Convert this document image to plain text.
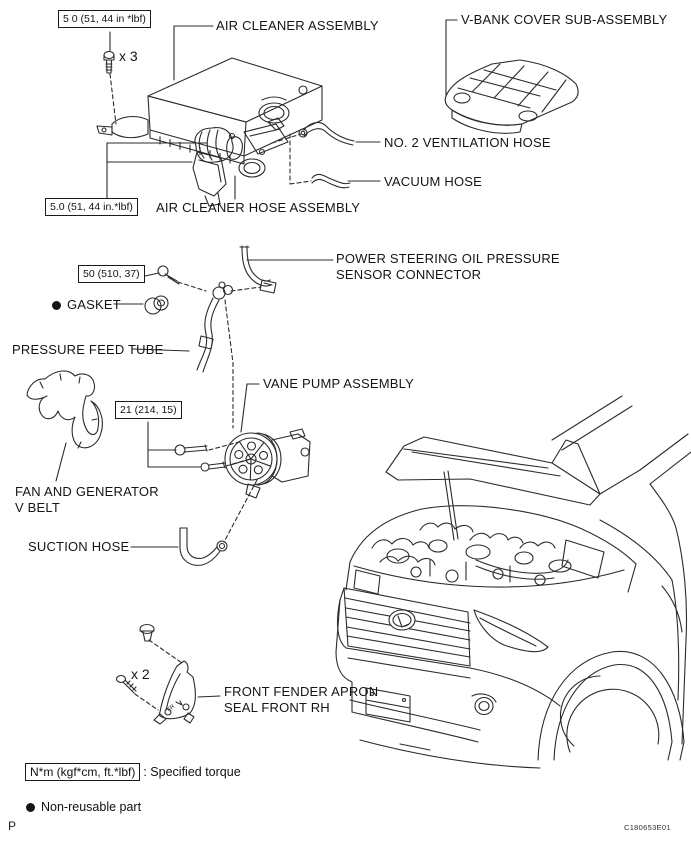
FR
5 0 (51, 44 in *lbf)
5.0 (51, 44 in.*lbf)
50 (510, 37)
21 (214, 15)
x 3
x 2
AIR CLEANER ASSEMBLY	V-BANK COVER SUB-ASSEMBLY
NO. 2 VENTILATION HOSE
VACUUM HOSE
AIR CLEANER HOSE ASSEMBLY
POWER STEERING OIL PRESSURE
SENSOR CONNECTOR
GASKET
PRESSURE FEED TUBE
VANE PUMP ASSEMBLY
FAN AND GENERATOR
V BELT
SUCTION HOSE
FRONT FENDER APRON
SEAL FRONT RH
N*m (kgf*cm, ft.*lbf) : Specified torque
Non-reusable part
P	C180653E01
